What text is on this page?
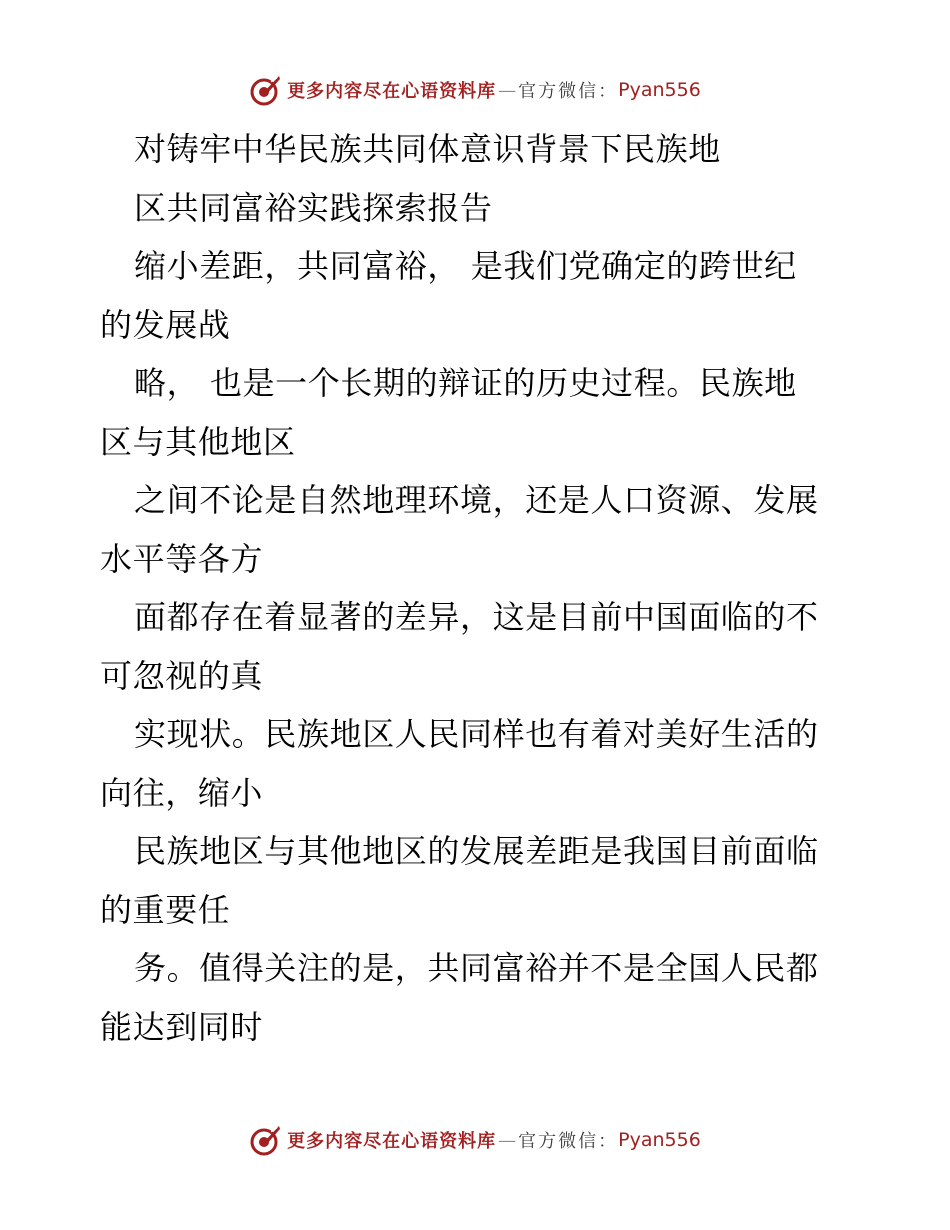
更多内容尽在心语资料库 — 官方微信： Pyan556
对铸牢中华民族共同体意识背景下民族地
区共同富裕实践探索报告
缩小差距，共同富裕， 是我们党确定的跨世纪
的发展战
略， 也是一个长期的辩证的历史过程。民族地
区与其他地区
之间不论是自然地理环境，还是人口资源、发展
水平等各方
面都存在着显著的差异，这是目前中国面临的不
可忽视的真
实现状。民族地区人民同样也有着对美好生活的
向往，缩小
民族地区与其他地区的发展差距是我国目前面临
的重要任
务。值得关注的是，共同富裕并不是全国人民都
能达到同时
更多内容尽在心语资料库 — 官方微信： Pyan556
